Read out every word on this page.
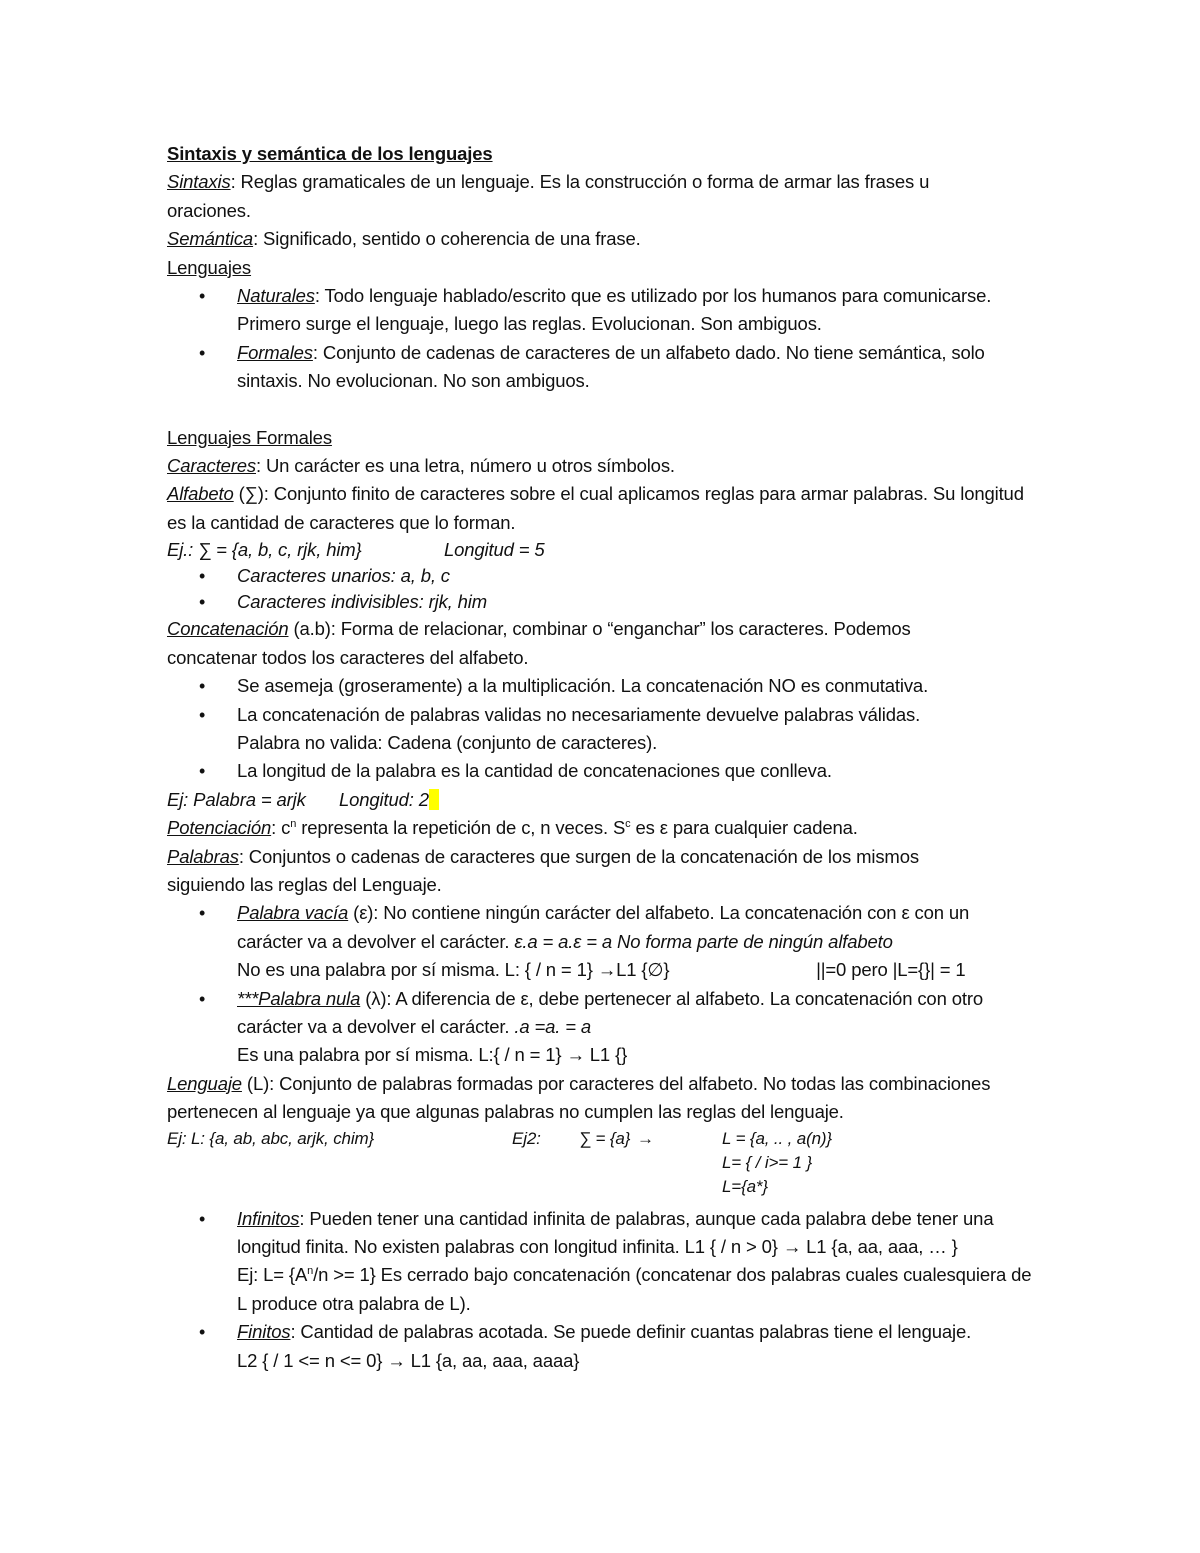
Sintaxis y semántica de los lenguajes

Sintaxis: Reglas gramaticales de un lenguaje. Es la construcción o forma de armar las frases u oraciones.

Semántica: Significado, sentido o coherencia de una frase.

Lenguajes

• Naturales: Todo lenguaje hablado/escrito que es utilizado por los humanos para comunicarse. Primero surge el lenguaje, luego las reglas. Evolucionan. Son ambiguos.
• Formales: Conjunto de cadenas de caracteres de un alfabeto dado. No tiene semántica, solo sintaxis. No evolucionan. No son ambiguos.

Lenguajes Formales

Caracteres: Un carácter es una letra, número u otros símbolos.

Alfabeto (∑): Conjunto finito de caracteres sobre el cual aplicamos reglas para armar palabras. Su longitud es la cantidad de caracteres que lo forman.

Ej.: ∑ = {a, b, c, rjk, him}	Longitud = 5

• Caracteres unarios: a, b, c
• Caracteres indivisibles: rjk, him

Concatenación (a.b): Forma de relacionar, combinar o “enganchar” los caracteres. Podemos concatenar todos los caracteres del alfabeto.

• Se asemeja (groseramente) a la multiplicación. La concatenación NO es conmutativa.
• La concatenación de palabras validas no necesariamente devuelve palabras válidas.
Palabra no valida: Cadena (conjunto de caracteres).
• La longitud de la palabra es la cantidad de concatenaciones que conlleva.

Ej: Palabra = arjk Longitud: 2

Potenciación: $c^n$ representa la repetición de c, n veces. $S^c$ es ε para cualquier cadena.

Palabras: Conjuntos o cadenas de caracteres que surgen de la concatenación de los mismos siguiendo las reglas del Lenguaje.

• Palabra vacía (ε): No contiene ningún carácter del alfabeto. La concatenación con ε con un carácter va a devolver el carácter. ε.a = a.ε = a No forma parte de ningún alfabeto
No es una palabra por sí misma. L: { / n = 1} →L1 {∅}	||=0 pero |L={}| = 1
• ***Palabra nula (λ): A diferencia de ε, debe pertenecer al alfabeto. La concatenación con otro carácter va a devolver el carácter. .a =a. = a
Es una palabra por sí misma. L:{ / n = 1} → L1 {}

Lenguaje (L): Conjunto de palabras formadas por caracteres del alfabeto. No todas las combinaciones pertenecen al lenguaje ya que algunas palabras no cumplen las reglas del lenguaje.

Ej: L: {a, ab, abc, arjk, chim}	Ej2:	∑ = {a} →	L = {a, .. , a(n)}
L= { / i>= 1 }
L={a*}
• Infinitos: Pueden tener una cantidad infinita de palabras, aunque cada palabra debe tener una longitud finita. No existen palabras con longitud infinita. L1 { / n > 0} → L1 {a, aa, aaa, … }
Ej: $L= \{A^n/n >= 1\}$ Es cerrado bajo concatenación (concatenar dos palabras cuales cualesquiera de L produce otra palabra de L).
• Finitos: Cantidad de palabras acotada. Se puede definir cuantas palabras tiene el lenguaje.
L2 { / 1 <= n <= 0} → L1 {a, aa, aaa, aaaa}
